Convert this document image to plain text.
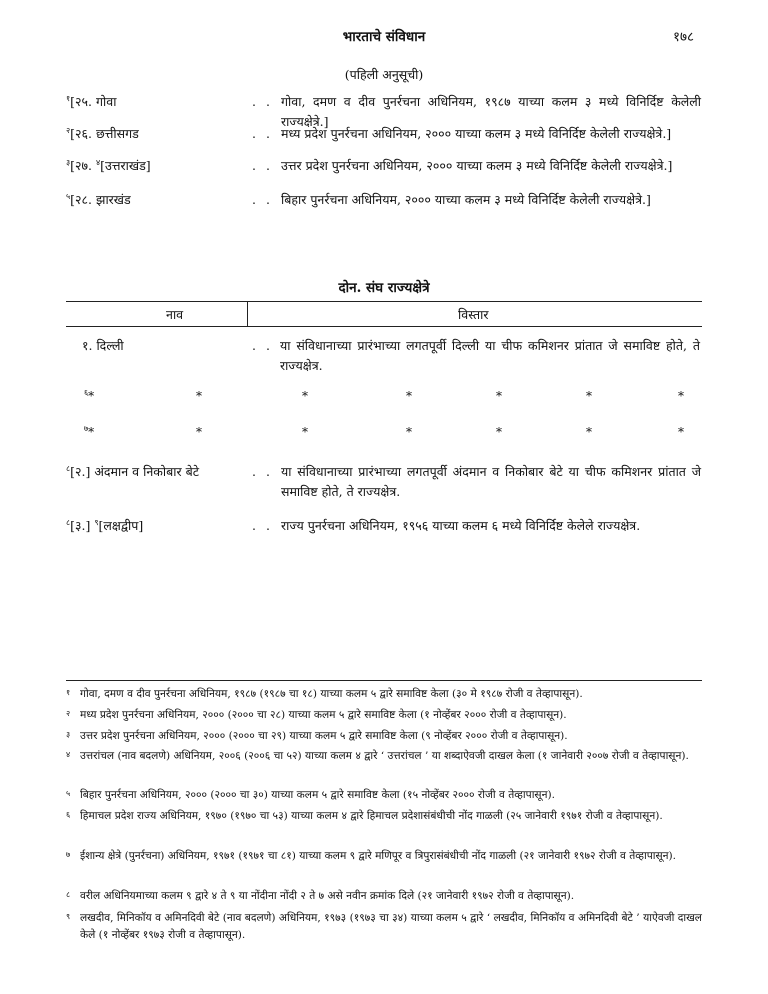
भारताचे संविधान	१७८
(पहिली अनुसूची)
$^१$[२५. गोवा	. . गोवा, दमण व दीव पुनर्रचना अधिनियम, १९८७ याच्या कलम ३ मध्ये विनिर्दिष्ट केलेली राज्यक्षेत्रे.]
$^२$[२६. छत्तीसगड	. . मध्य प्रदेश पुनर्रचना अधिनियम, २००० याच्या कलम ३ मध्ये विनिर्दिष्ट केलेली राज्यक्षेत्रे.]
$^३$[२७. $^४$[उत्तराखंड]	. . उत्तर प्रदेश पुनर्रचना अधिनियम, २००० याच्या कलम ३ मध्ये विनिर्दिष्ट केलेली राज्यक्षेत्रे.]
$^५$[२८. झारखंड	. . बिहार पुनर्रचना अधिनियम, २००० याच्या कलम ३ मध्ये विनिर्दिष्ट केलेली राज्यक्षेत्रे.]
दोन. संघ राज्यक्षेत्रे
नाव	विस्तार
१. दिल्ली	. . या संविधानाच्या प्रारंभाच्या लगतपूर्वी दिल्ली या चीफ कमिशनर प्रांतात जे समाविष्ट होते, ते राज्यक्षेत्र.
$^६$*	*	*	*	*	*	*
$^७$*	*	*	*	*	*	*
$^८$[२.] अंदमान व निकोबार बेटे	. . या संविधानाच्या प्रारंभाच्या लगतपूर्वी अंदमान व निकोबार बेटे या चीफ कमिशनर प्रांतात जे समाविष्ट होते, ते राज्यक्षेत्र.
$^८$[३.] $^९$[लक्षद्वीप]	. . राज्य पुनर्रचना अधिनियम, १९५६ याच्या कलम ६ मध्ये विनिर्दिष्ट केलेले राज्यक्षेत्र.
१ गोवा, दमण व दीव पुनर्रचना अधिनियम, १९८७ (१९८७ चा १८) याच्या कलम ५ द्वारे समाविष्ट केला (३० मे १९८७ रोजी व तेव्हापासून).
२ मध्य प्रदेश पुनर्रचना अधिनियम, २००० (२००० चा २८) याच्या कलम ५ द्वारे समाविष्ट केला (१ नोव्हेंबर २००० रोजी व तेव्हापासून).
३ उत्तर प्रदेश पुनर्रचना अधिनियम, २००० (२००० चा २९) याच्या कलम ५ द्वारे समाविष्ट केला (९ नोव्हेंबर २००० रोजी व तेव्हापासून).
४ उत्तरांचल (नाव बदलणे) अधिनियम, २००६ (२००६ चा ५२) याच्या कलम ४ द्वारे ‘ उत्तरांचल ’ या शब्दाऐवजी दाखल केला (१ जानेवारी २००७ रोजी व तेव्हापासून).
५ बिहार पुनर्रचना अधिनियम, २००० (२००० चा ३०) याच्या कलम ५ द्वारे समाविष्ट केला (१५ नोव्हेंबर २००० रोजी व तेव्हापासून).
६ हिमाचल प्रदेश राज्य अधिनियम, १९७० (१९७० चा ५३) याच्या कलम ४ द्वारे हिमाचल प्रदेशासंबंधीची नोंद गाळली (२५ जानेवारी १९७१ रोजी व तेव्हापासून).
७ ईशान्य क्षेत्रे (पुनर्रचना) अधिनियम, १९७१ (१९७१ चा ८१) याच्या कलम ९ द्वारे मणिपूर व त्रिपुरासंबंधीची नोंद गाळली (२१ जानेवारी १९७२ रोजी व तेव्हापासून).
८ वरील अधिनियमाच्या कलम ९ द्वारे ४ ते ९ या नोंदीना नोंदी २ ते ७ असे नवीन क्रमांक दिले (२१ जानेवारी १९७२ रोजी व तेव्हापासून).
९ लखदीव, मिनिकॉय व अमिनदिवी बेटे (नाव बदलणे) अधिनियम, १९७३ (१९७३ चा ३४) याच्या कलम ५ द्वारे ‘ लखदीव, मिनिकॉय व अमिनदिवी बेटे ’ याऐवजी दाखल केले (१ नोव्हेंबर १९७३ रोजी व तेव्हापासून).
